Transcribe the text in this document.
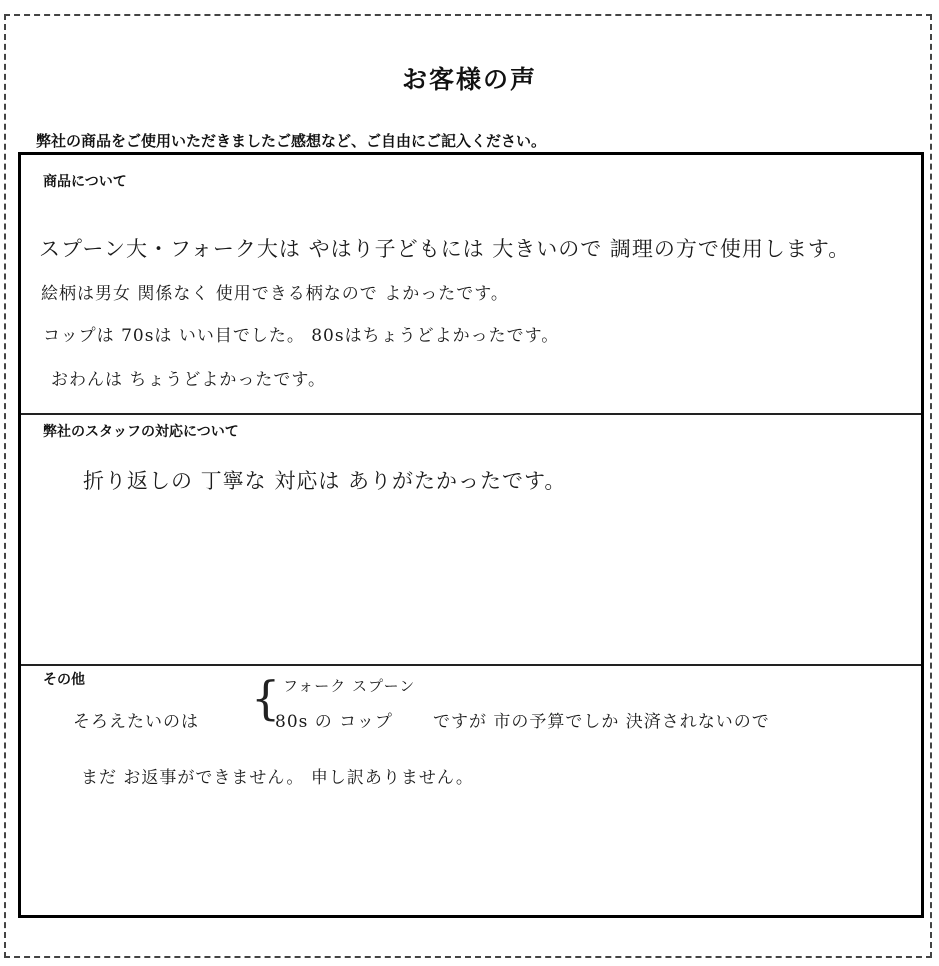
お客様の声
弊社の商品をご使用いただきましたご感想など、ご自由にご記入ください。
商品について
スプーン大・フォーク大は やはり子どもには 大きいので 調理の方で使用します。
絵柄は男女 関係なく 使用できる柄なので よかったです。
コップは 70sは いい目でした。 80sはちょうどよかったです。
おわんは ちょうどよかったです。
弊社のスタッフの対応について
折り返しの 丁寧な 対応は ありがたかったです。
その他	フォーク スプーン
そろえたいのは {
80s の コップ ですが 市の予算でしか 決済されないので
まだ お返事ができません。 申し訳ありません。
